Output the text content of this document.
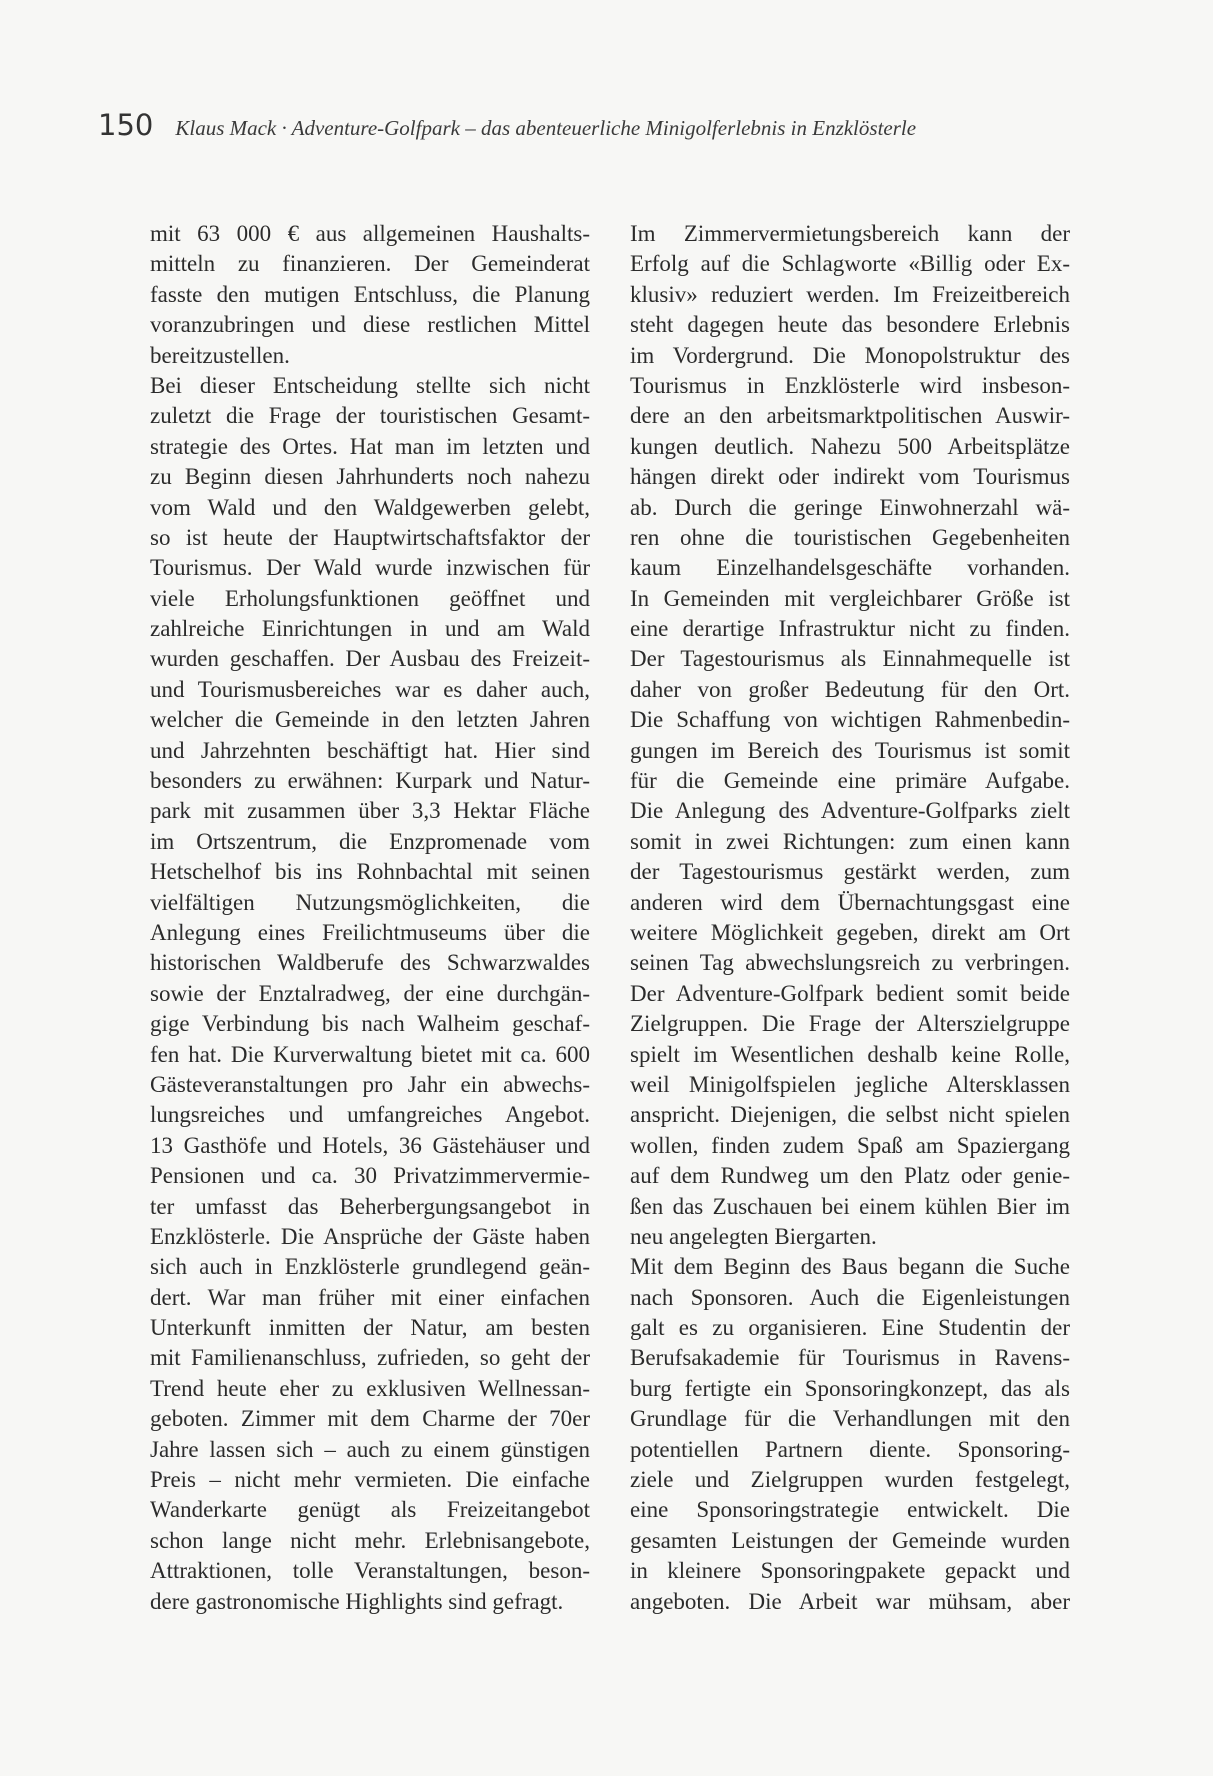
150 Klaus Mack · Adventure-Golfpark – das abenteuerliche Minigolferlebnis in Enzklösterle
mit 63 000 € aus allgemeinen Haushalts-
mitteln zu finanzieren. Der Gemeinderat
fasste den mutigen Entschluss, die Planung
voranzubringen und diese restlichen Mittel
bereitzustellen.
Bei dieser Entscheidung stellte sich nicht
zuletzt die Frage der touristischen Gesamt-
strategie des Ortes. Hat man im letzten und
zu Beginn diesen Jahrhunderts noch nahezu
vom Wald und den Waldgewerben gelebt,
so ist heute der Hauptwirtschaftsfaktor der
Tourismus. Der Wald wurde inzwischen für
viele Erholungsfunktionen geöffnet und
zahlreiche Einrichtungen in und am Wald
wurden geschaffen. Der Ausbau des Freizeit-
und Tourismusbereiches war es daher auch,
welcher die Gemeinde in den letzten Jahren
und Jahrzehnten beschäftigt hat. Hier sind
besonders zu erwähnen: Kurpark und Natur-
park mit zusammen über 3,3 Hektar Fläche
im Ortszentrum, die Enzpromenade vom
Hetschelhof bis ins Rohnbachtal mit seinen
vielfältigen Nutzungsmöglichkeiten, die
Anlegung eines Freilichtmuseums über die
historischen Waldberufe des Schwarzwaldes
sowie der Enztalradweg, der eine durchgän-
gige Verbindung bis nach Walheim geschaf-
fen hat. Die Kurverwaltung bietet mit ca. 600
Gästeveranstaltungen pro Jahr ein abwechs-
lungsreiches und umfangreiches Angebot.
13 Gasthöfe und Hotels, 36 Gästehäuser und
Pensionen und ca. 30 Privatzimmervermie-
ter umfasst das Beherbergungsangebot in
Enzklösterle. Die Ansprüche der Gäste haben
sich auch in Enzklösterle grundlegend geän-
dert. War man früher mit einer einfachen
Unterkunft inmitten der Natur, am besten
mit Familienanschluss, zufrieden, so geht der
Trend heute eher zu exklusiven Wellnessan-
geboten. Zimmer mit dem Charme der 70er
Jahre lassen sich – auch zu einem günstigen
Preis – nicht mehr vermieten. Die einfache
Wanderkarte genügt als Freizeitangebot
schon lange nicht mehr. Erlebnisangebote,
Attraktionen, tolle Veranstaltungen, beson-
dere gastronomische Highlights sind gefragt.
Im Zimmervermietungsbereich kann der
Erfolg auf die Schlagworte «Billig oder Ex-
klusiv» reduziert werden. Im Freizeitbereich
steht dagegen heute das besondere Erlebnis
im Vordergrund. Die Monopolstruktur des
Tourismus in Enzklösterle wird insbeson-
dere an den arbeitsmarktpolitischen Auswir-
kungen deutlich. Nahezu 500 Arbeitsplätze
hängen direkt oder indirekt vom Tourismus
ab. Durch die geringe Einwohnerzahl wä-
ren ohne die touristischen Gegebenheiten
kaum Einzelhandelsgeschäfte vorhanden.
In Gemeinden mit vergleichbarer Größe ist
eine derartige Infrastruktur nicht zu finden.
Der Tagestourismus als Einnahmequelle ist
daher von großer Bedeutung für den Ort.
Die Schaffung von wichtigen Rahmenbedin-
gungen im Bereich des Tourismus ist somit
für die Gemeinde eine primäre Aufgabe.
Die Anlegung des Adventure-Golfparks zielt
somit in zwei Richtungen: zum einen kann
der Tagestourismus gestärkt werden, zum
anderen wird dem Übernachtungsgast eine
weitere Möglichkeit gegeben, direkt am Ort
seinen Tag abwechslungsreich zu verbringen.
Der Adventure-Golfpark bedient somit beide
Zielgruppen. Die Frage der Alterszielgruppe
spielt im Wesentlichen deshalb keine Rolle,
weil Minigolfspielen jegliche Altersklassen
anspricht. Diejenigen, die selbst nicht spielen
wollen, finden zudem Spaß am Spaziergang
auf dem Rundweg um den Platz oder genie-
ßen das Zuschauen bei einem kühlen Bier im
neu angelegten Biergarten.
Mit dem Beginn des Baus begann die Suche
nach Sponsoren. Auch die Eigenleistungen
galt es zu organisieren. Eine Studentin der
Berufsakademie für Tourismus in Ravens-
burg fertigte ein Sponsoringkonzept, das als
Grundlage für die Verhandlungen mit den
potentiellen Partnern diente. Sponsoring-
ziele und Zielgruppen wurden festgelegt,
eine Sponsoringstrategie entwickelt. Die
gesamten Leistungen der Gemeinde wurden
in kleinere Sponsoringpakete gepackt und
angeboten. Die Arbeit war mühsam, aber
